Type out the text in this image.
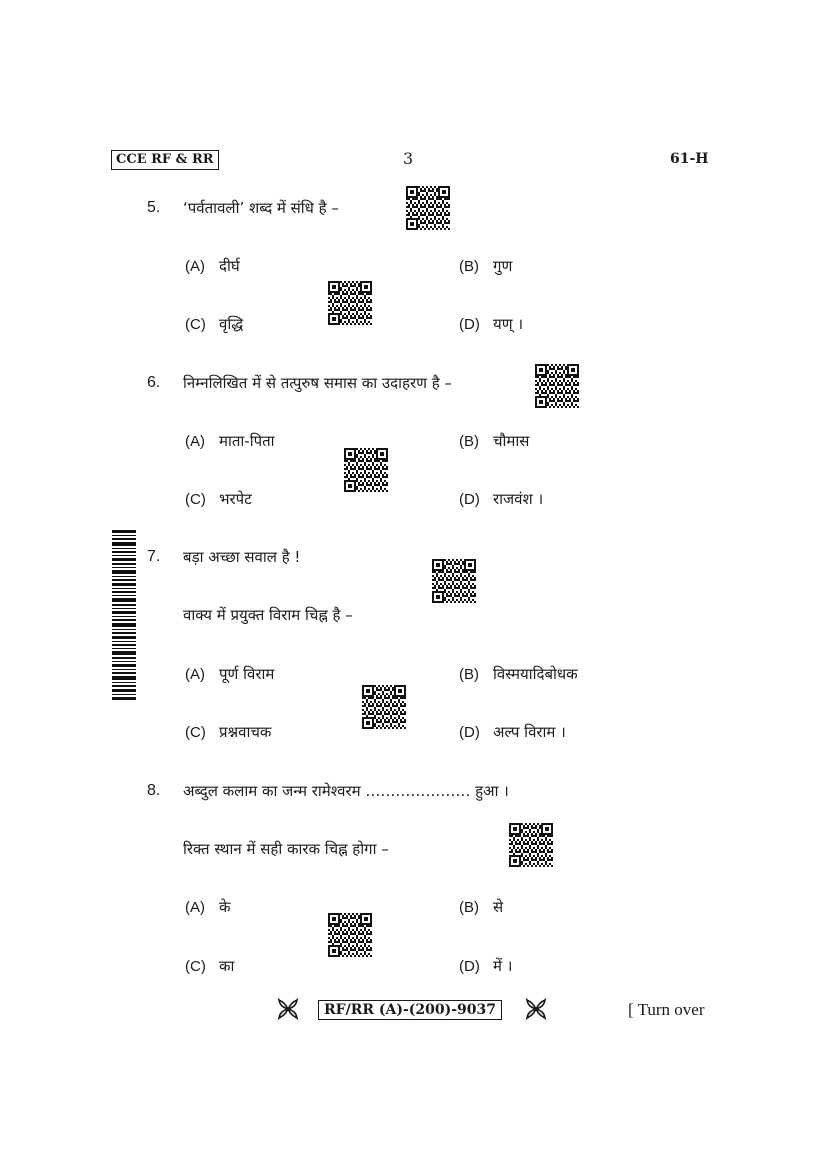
CCE RF & RR	3	61-H
5. ‘पर्वतावली’ शब्द में संधि है –
(A) दीर्घ	(B) गुण
(C) वृद्धि	(D) यण् ।
6. निम्नलिखित में से तत्पुरुष समास का उदाहरण है –
(A) माता-पिता	(B) चौमास
(C) भरपेट	(D) राजवंश ।
7. बड़ा अच्छा सवाल है !
वाक्य में प्रयुक्त विराम चिह्न है –
(A) पूर्ण विराम	(B) विस्मयादिबोधक
(C) प्रश्नवाचक	(D) अल्प विराम ।
8. अब्दुल कलाम का जन्म रामेश्वरम ………………… हुआ ।
रिक्त स्थान में सही कारक चिह्न होगा –
(A) के	(B) से
(C) का	(D) में ।
RF/RR (A)-(200)-9037	[ Turn over
